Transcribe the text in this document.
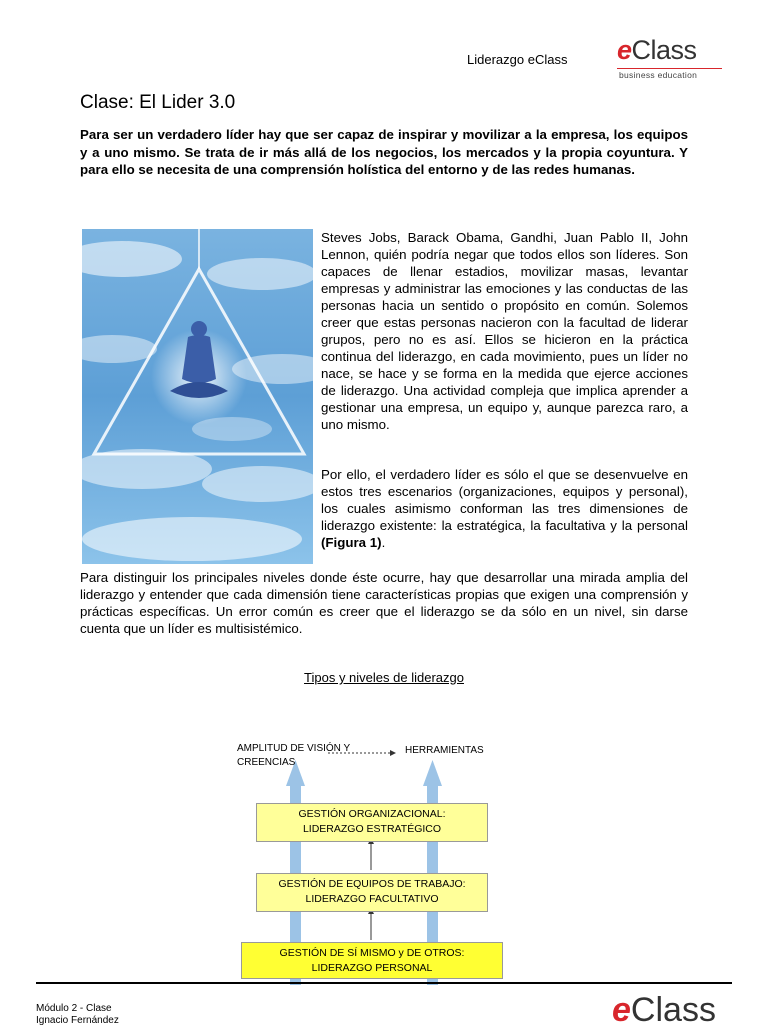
Liderazgo eClass eClass
business education
Clase: El Lider 3.0
Para ser un verdadero líder hay que ser capaz de inspirar y movilizar a la empresa, los equipos y a uno mismo. Se trata de ir más allá de los negocios, los mercados y la propia coyuntura. Y para ello se necesita de una comprensión holística del entorno y de las redes humanas.
Steves Jobs, Barack Obama, Gandhi, Juan Pablo II, John Lennon, quién podría negar que todos ellos son líderes. Son capaces de llenar estadios, movilizar masas, levantar empresas y administrar las emociones y las conductas de las personas hacia un sentido o propósito en común. Solemos creer que estas personas nacieron con la facultad de liderar grupos, pero no es así. Ellos se hicieron en la práctica continua del liderazgo, en cada movimiento, pues un líder no nace, se hace y se forma en la medida que ejerce acciones de liderazgo. Una actividad compleja que implica aprender a gestionar una empresa, un equipo y, aunque parezca raro, a uno mismo.
Por ello, el verdadero líder es sólo el que se desenvuelve en estos tres escenarios (organizaciones, equipos y personal), los cuales asimismo conforman las tres dimensiones de liderazgo existente: la estratégica, la facultativa y la personal (Figura 1).
Para distinguir los principales niveles donde éste ocurre, hay que desarrollar una mirada amplia del liderazgo y entender que cada dimensión tiene características propias que exigen una comprensión y prácticas específicas. Un error común es creer que el liderazgo se da sólo en un nivel, sin darse cuenta que un líder es multisistémico.
Tipos y niveles de liderazgo
AMPLITUD DE VISIÓN Y
CREENCIAS
HERRAMIENTAS
GESTIÓN ORGANIZACIONAL:
LIDERAZGO ESTRATÉGICO
GESTIÓN DE EQUIPOS DE TRABAJO:
LIDERAZGO FACULTATIVO
GESTIÓN DE SÍ MISMO y DE OTROS:
LIDERAZGO PERSONAL
Módulo 2 - Clase
Ignacio Fernández	eClass
